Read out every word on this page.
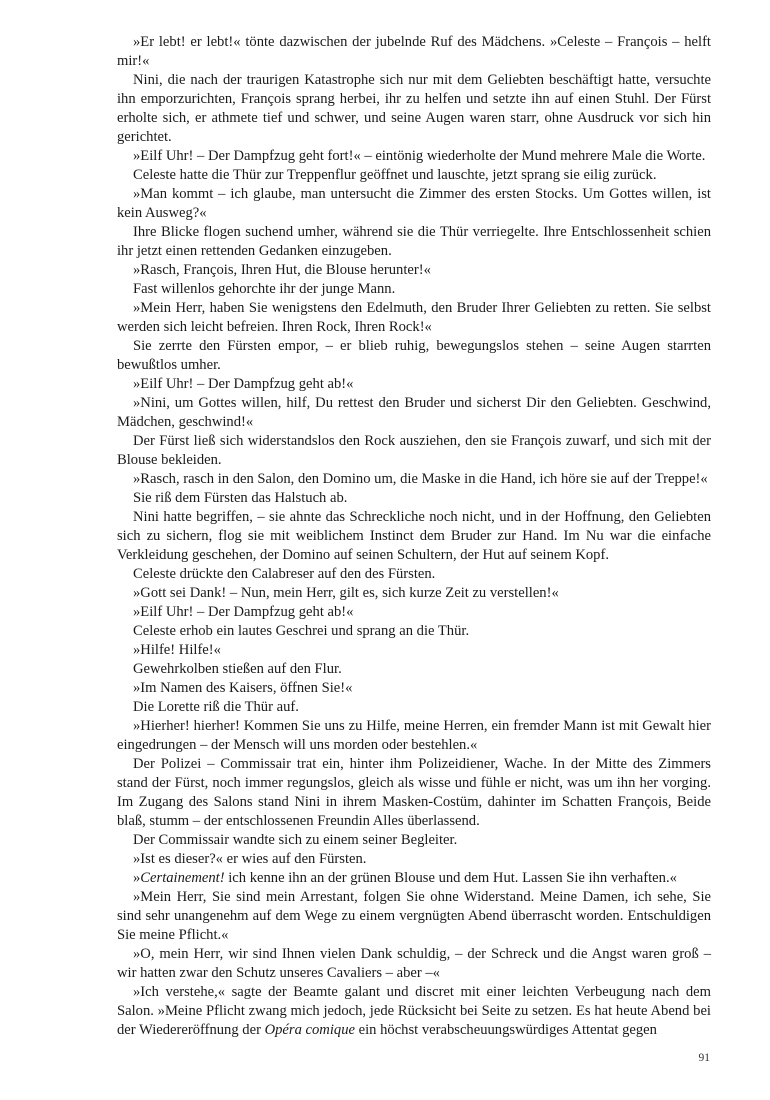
»Er lebt! er lebt!« tönte dazwischen der jubelnde Ruf des Mädchens. »Celeste – François – helft mir!«

Nini, die nach der traurigen Katastrophe sich nur mit dem Geliebten beschäftigt hatte, versuchte ihn emporzurichten, François sprang herbei, ihr zu helfen und setzte ihn auf einen Stuhl. Der Fürst erholte sich, er athmete tief und schwer, und seine Augen waren starr, ohne Ausdruck vor sich hin gerichtet.

»Eilf Uhr! – Der Dampfzug geht fort!« – eintönig wiederholte der Mund mehrere Male die Worte.

Celeste hatte die Thür zur Treppenflur geöffnet und lauschte, jetzt sprang sie eilig zurück.

»Man kommt – ich glaube, man untersucht die Zimmer des ersten Stocks. Um Gottes willen, ist kein Ausweg?«

Ihre Blicke flogen suchend umher, während sie die Thür verriegelte. Ihre Entschlossenheit schien ihr jetzt einen rettenden Gedanken einzugeben.

»Rasch, François, Ihren Hut, die Blouse herunter!«

Fast willenlos gehorchte ihr der junge Mann.

»Mein Herr, haben Sie wenigstens den Edelmuth, den Bruder Ihrer Geliebten zu retten. Sie selbst werden sich leicht befreien. Ihren Rock, Ihren Rock!«

Sie zerrte den Fürsten empor, – er blieb ruhig, bewegungslos stehen – seine Augen starrten bewußtlos umher.

»Eilf Uhr! – Der Dampfzug geht ab!«

»Nini, um Gottes willen, hilf, Du rettest den Bruder und sicherst Dir den Geliebten. Geschwind, Mädchen, geschwind!«

Der Fürst ließ sich widerstandslos den Rock ausziehen, den sie François zuwarf, und sich mit der Blouse bekleiden.

»Rasch, rasch in den Salon, den Domino um, die Maske in die Hand, ich höre sie auf der Treppe!«

Sie riß dem Fürsten das Halstuch ab.

Nini hatte begriffen, – sie ahnte das Schreckliche noch nicht, und in der Hoffnung, den Geliebten sich zu sichern, flog sie mit weiblichem Instinct dem Bruder zur Hand. Im Nu war die einfache Verkleidung geschehen, der Domino auf seinen Schultern, der Hut auf seinem Kopf.

Celeste drückte den Calabreser auf den des Fürsten.

»Gott sei Dank! – Nun, mein Herr, gilt es, sich kurze Zeit zu verstellen!«

»Eilf Uhr! – Der Dampfzug geht ab!«

Celeste erhob ein lautes Geschrei und sprang an die Thür.

»Hilfe! Hilfe!«

Gewehrkolben stießen auf den Flur.

»Im Namen des Kaisers, öffnen Sie!«

Die Lorette riß die Thür auf.

»Hierher! hierher! Kommen Sie uns zu Hilfe, meine Herren, ein fremder Mann ist mit Gewalt hier eingedrungen – der Mensch will uns morden oder bestehlen.«

Der Polizei – Commissair trat ein, hinter ihm Polizeidiener, Wache. In der Mitte des Zimmers stand der Fürst, noch immer regungslos, gleich als wisse und fühle er nicht, was um ihn her vorging. Im Zugang des Salons stand Nini in ihrem Masken-Costüm, dahinter im Schatten François, Beide blaß, stumm – der entschlossenen Freundin Alles überlassend.

Der Commissair wandte sich zu einem seiner Begleiter.

»Ist es dieser?« er wies auf den Fürsten.

»Certainement! ich kenne ihn an der grünen Blouse und dem Hut. Lassen Sie ihn verhaften.«

»Mein Herr, Sie sind mein Arrestant, folgen Sie ohne Widerstand. Meine Damen, ich sehe, Sie sind sehr unangenehm auf dem Wege zu einem vergnügten Abend überrascht worden. Entschuldigen Sie meine Pflicht.«

»O, mein Herr, wir sind Ihnen vielen Dank schuldig, – der Schreck und die Angst waren groß – wir hatten zwar den Schutz unseres Cavaliers – aber –«

»Ich verstehe,« sagte der Beamte galant und discret mit einer leichten Verbeugung nach dem Salon. »Meine Pflicht zwang mich jedoch, jede Rücksicht bei Seite zu setzen. Es hat heute Abend bei der Wiedereröffnung der Opéra comique ein höchst verabscheuungswürdiges Attentat gegen

91
